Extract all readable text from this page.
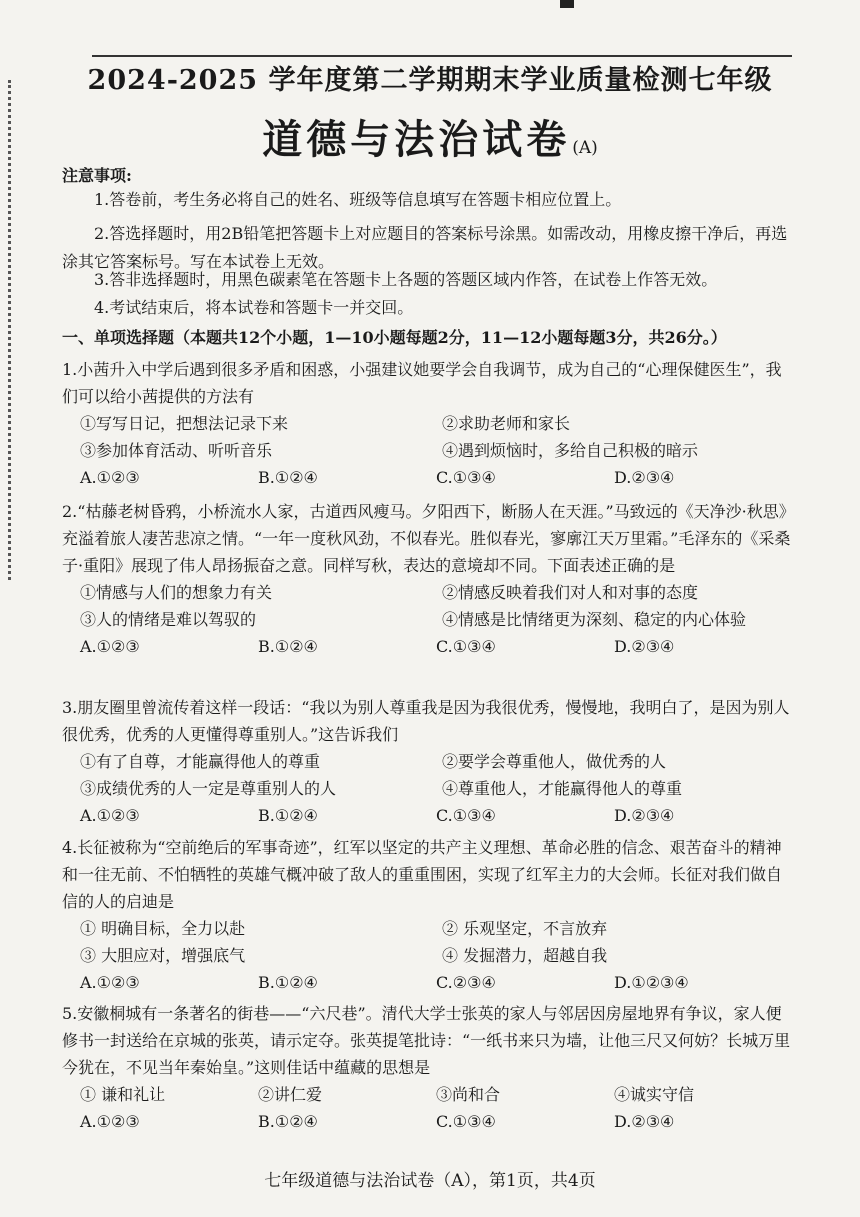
2024-2025 学年度第二学期期末学业质量检测七年级
道德与法治试卷 (A)
注意事项:
1.答卷前，考生务必将自己的姓名、班级等信息填写在答题卡相应位置上。
2.答选择题时，用2B铅笔把答题卡上对应题目的答案标号涂黑。如需改动，用橡皮擦干净后，再选涂其它答案标号。写在本试卷上无效。
3.答非选择题时，用黑色碳素笔在答题卡上各题的答题区域内作答，在试卷上作答无效。
4.考试结束后，将本试卷和答题卡一并交回。
一、单项选择题（本题共12个小题，1—10小题每题2分，11—12小题每题3分，共26分。）

1.小茜升入中学后遇到很多矛盾和困惑，小强建议她要学会自我调节，成为自己的“心理保健医生”，我们可以给小茜提供的方法有

①写写日记，把想法记录下来	②求助老师和家长
③参加体育活动、听听音乐	④遇到烦恼时，多给自己积极的暗示
A.①②③	B.①②④	C.①③④	D.②③④

2.“枯藤老树昏鸦，小桥流水人家，古道西风瘦马。夕阳西下，断肠人在天涯。”马致远的《天净沙·秋思》充溢着旅人凄苦悲凉之情。“一年一度秋风劲，不似春光。胜似春光，寥廓江天万里霜。”毛泽东的《采桑子·重阳》展现了伟人昂扬振奋之意。同样写秋，表达的意境却不同。下面表述正确的是

①情感与人们的想象力有关	②情感反映着我们对人和对事的态度
③人的情绪是难以驾驭的	④情感是比情绪更为深刻、稳定的内心体验
A.①②③	B.①②④	C.①③④	D.②③④

3.朋友圈里曾流传着这样一段话：“我以为别人尊重我是因为我很优秀，慢慢地，我明白了，是因为别人很优秀，优秀的人更懂得尊重别人。”这告诉我们

①有了自尊，才能赢得他人的尊重	②要学会尊重他人，做优秀的人
③成绩优秀的人一定是尊重别人的人	④尊重他人，才能赢得他人的尊重
A.①②③	B.①②④	C.①③④	D.②③④

4.长征被称为“空前绝后的军事奇迹”，红军以坚定的共产主义理想、革命必胜的信念、艰苦奋斗的精神和一往无前、不怕牺牲的英雄气概冲破了敌人的重重围困，实现了红军主力的大会师。长征对我们做自信的人的启迪是

① 明确目标，全力以赴	② 乐观坚定，不言放弃
③ 大胆应对，增强底气	④ 发掘潜力，超越自我
A.①②③	B.①②④	C.②③④	D.①②③④

5.安徽桐城有一条著名的街巷——“六尺巷”。清代大学士张英的家人与邻居因房屋地界有争议，家人便修书一封送给在京城的张英，请示定夺。张英提笔批诗：“一纸书来只为墙，让他三尺又何妨？长城万里今犹在，不见当年秦始皇。”这则佳话中蕴藏的思想是

① 谦和礼让	②讲仁爱	③尚和合	④诚实守信
A.①②③	B.①②④	C.①③④	D.②③④
七年级道德与法治试卷（A），第1页，共4页
